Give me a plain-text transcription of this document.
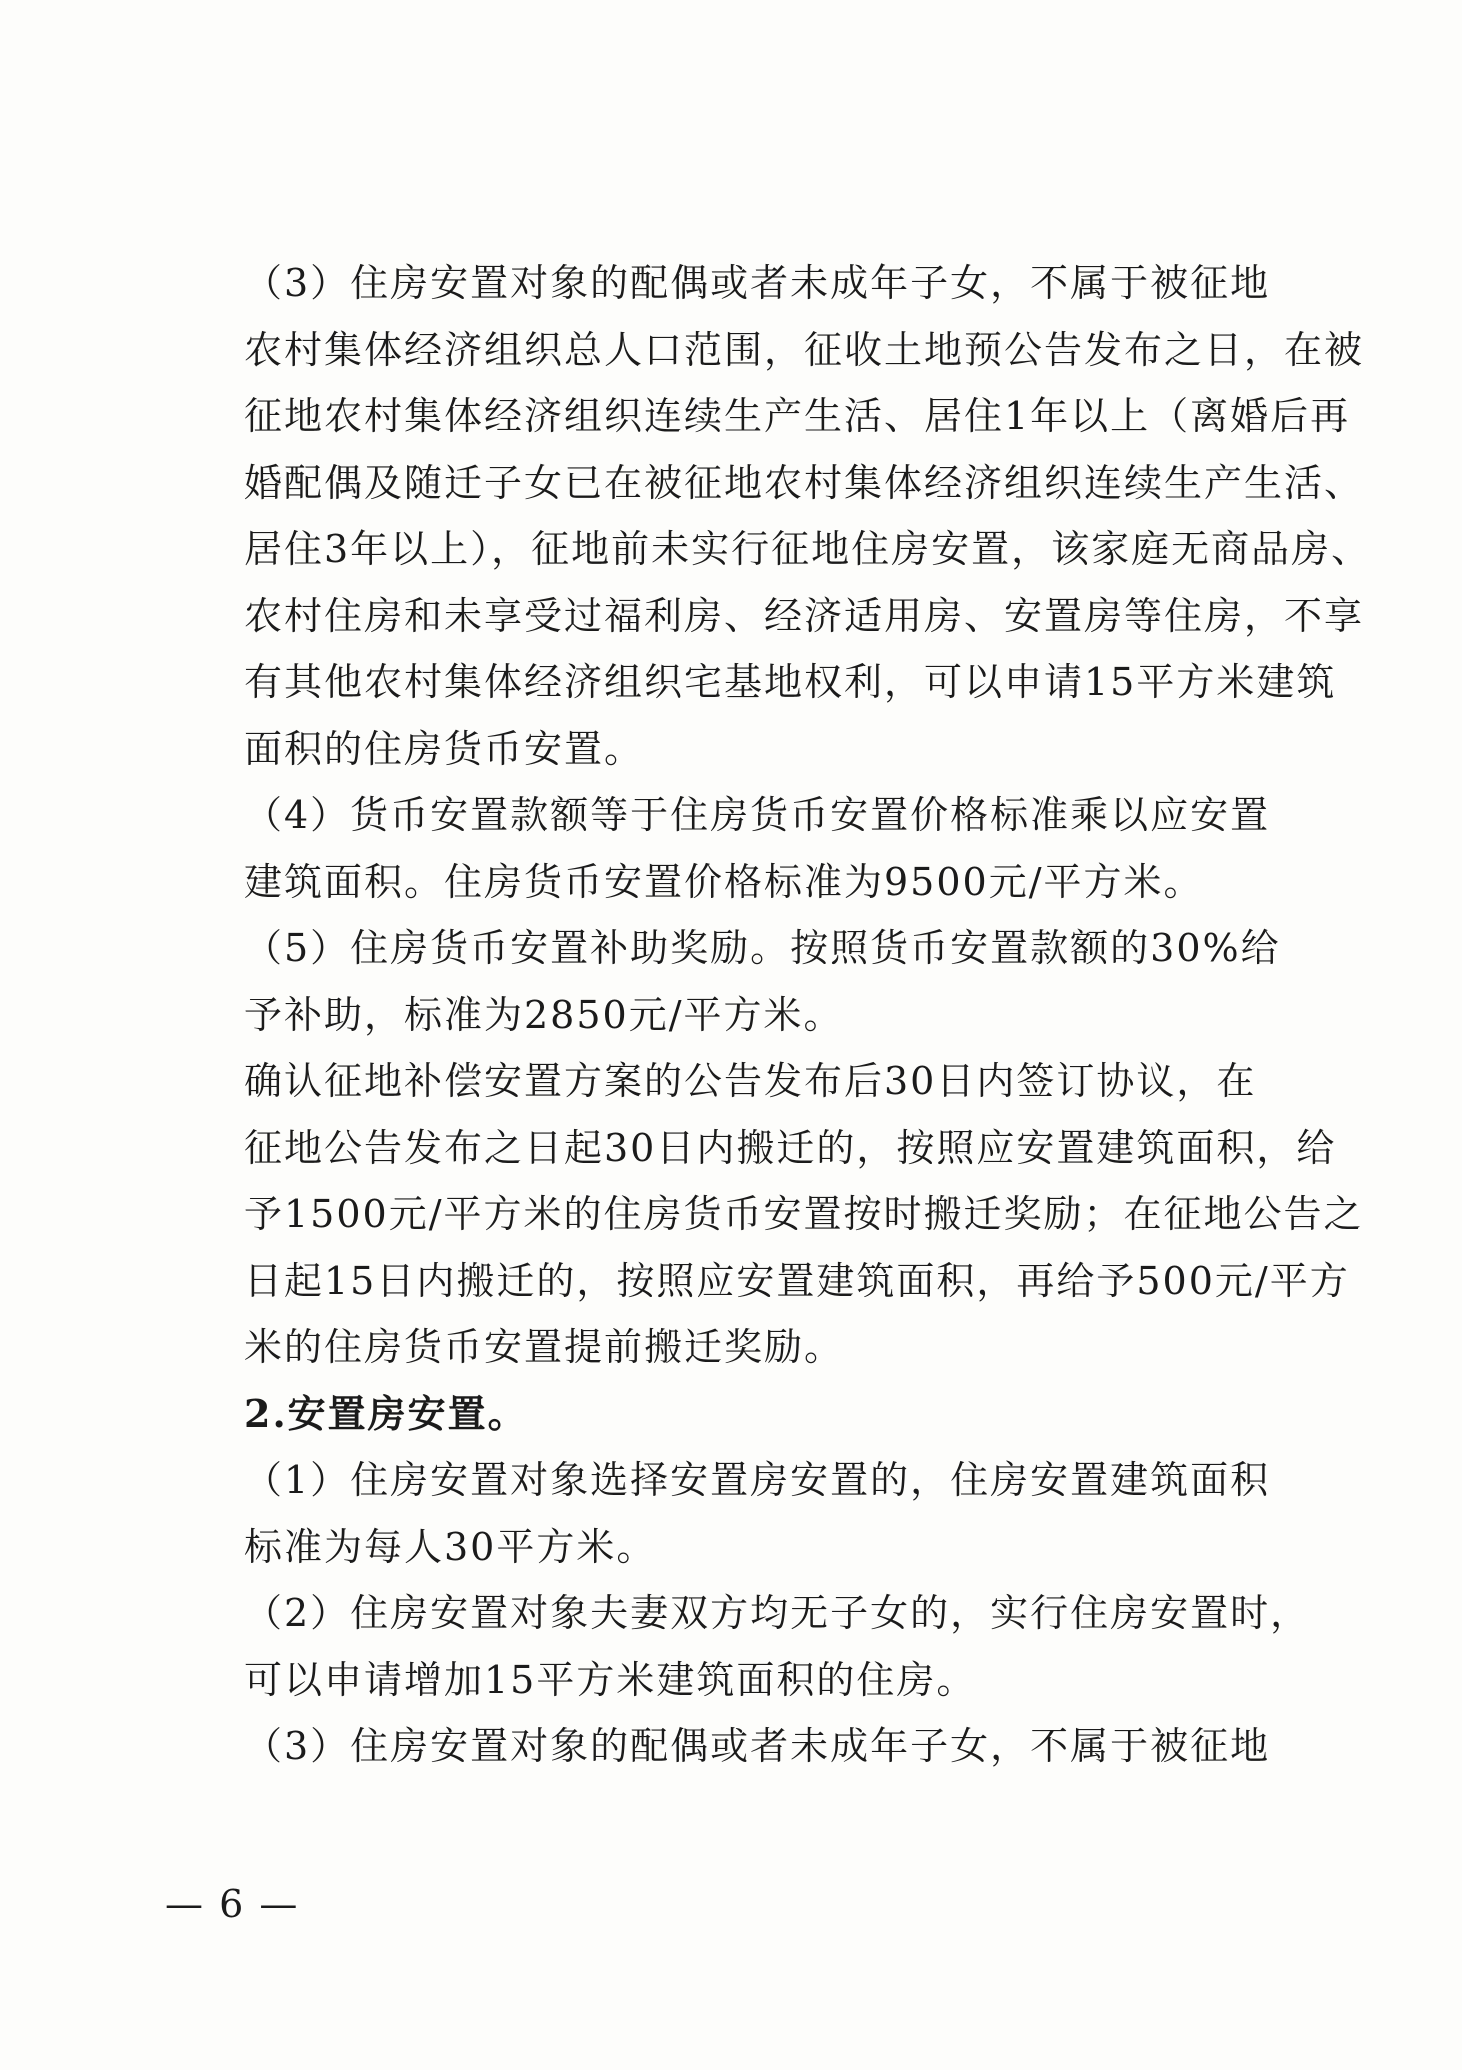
（3）住房安置对象的配偶或者未成年子女，不属于被征地
农村集体经济组织总人口范围，征收土地预公告发布之日，在被
征地农村集体经济组织连续生产生活、居住1年以上（离婚后再
婚配偶及随迁子女已在被征地农村集体经济组织连续生产生活、
居住3年以上），征地前未实行征地住房安置，该家庭无商品房、
农村住房和未享受过福利房、经济适用房、安置房等住房，不享
有其他农村集体经济组织宅基地权利，可以申请15平方米建筑
面积的住房货币安置。

（4）货币安置款额等于住房货币安置价格标准乘以应安置
建筑面积。住房货币安置价格标准为9500元/平方米。

（5）住房货币安置补助奖励。按照货币安置款额的30%给
予补助，标准为2850元/平方米。

确认征地补偿安置方案的公告发布后30日内签订协议，在
征地公告发布之日起30日内搬迁的，按照应安置建筑面积，给
予1500元/平方米的住房货币安置按时搬迁奖励；在征地公告之
日起15日内搬迁的，按照应安置建筑面积，再给予500元/平方
米的住房货币安置提前搬迁奖励。

2.安置房安置。

（1）住房安置对象选择安置房安置的，住房安置建筑面积
标准为每人30平方米。

（2）住房安置对象夫妻双方均无子女的，实行住房安置时，
可以申请增加15平方米建筑面积的住房。

（3）住房安置对象的配偶或者未成年子女，不属于被征地

— 6 —
